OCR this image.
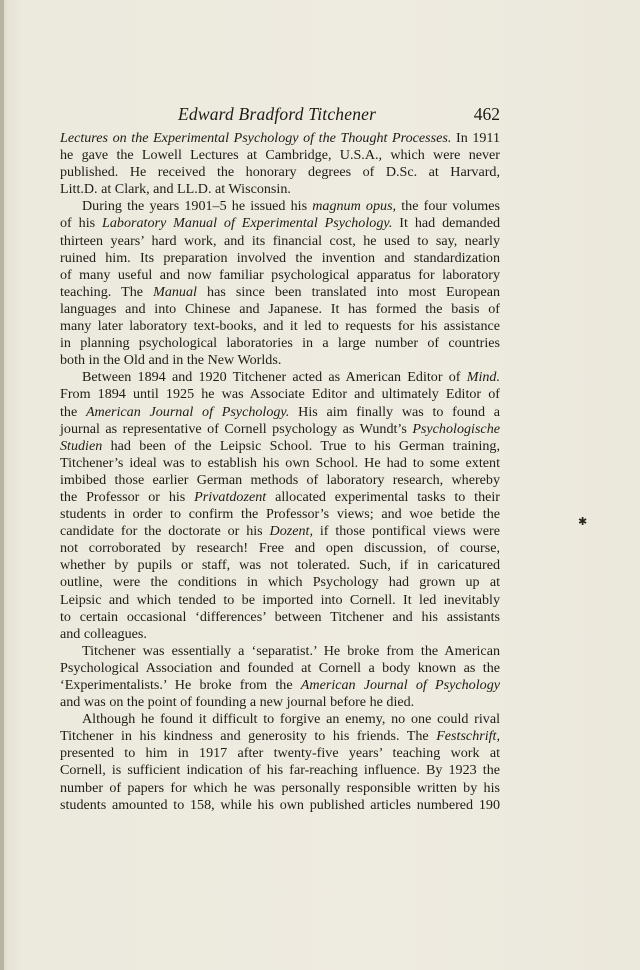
Edward Bradford Titchener	462
Lectures on the Experimental Psychology of the Thought Processes. In 1911
he gave the Lowell Lectures at Cambridge, U.S.A., which were never
published. He received the honorary degrees of D.Sc. at Harvard,
Litt.D. at Clark, and LL.D. at Wisconsin.
During the years 1901–5 he issued his magnum opus, the four volumes
of his Laboratory Manual of Experimental Psychology. It had demanded
thirteen years’ hard work, and its financial cost, he used to say, nearly
ruined him. Its preparation involved the invention and standardization
of many useful and now familiar psychological apparatus for laboratory
teaching. The Manual has since been translated into most European
languages and into Chinese and Japanese. It has formed the basis of
many later laboratory text-books, and it led to requests for his assistance
in planning psychological laboratories in a large number of countries
both in the Old and in the New Worlds.
Between 1894 and 1920 Titchener acted as American Editor of Mind.
From 1894 until 1925 he was Associate Editor and ultimately Editor of
the American Journal of Psychology. His aim finally was to found a
journal as representative of Cornell psychology as Wundt’s Psychologische
Studien had been of the Leipsic School. True to his German training,
Titchener’s ideal was to establish his own School. He had to some extent
imbibed those earlier German methods of laboratory research, whereby
the Professor or his Privatdozent allocated experimental tasks to their
students in order to confirm the Professor’s views; and woe betide the
candidate for the doctorate or his Dozent, if those pontifical views were
not corroborated by research! Free and open discussion, of course,
whether by pupils or staff, was not tolerated. Such, if in caricatured
outline, were the conditions in which Psychology had grown up at
Leipsic and which tended to be imported into Cornell. It led inevitably
to certain occasional ‘differences’ between Titchener and his assistants
and colleagues.
Titchener was essentially a ‘separatist.’ He broke from the American
Psychological Association and founded at Cornell a body known as the
‘Experimentalists.’ He broke from the American Journal of Psychology
and was on the point of founding a new journal before he died.
Although he found it difficult to forgive an enemy, no one could rival
Titchener in his kindness and generosity to his friends. The Festschrift,
presented to him in 1917 after twenty-five years’ teaching work at
Cornell, is sufficient indication of his far-reaching influence. By 1923 the
number of papers for which he was personally responsible written by his
students amounted to 158, while his own published articles numbered 190
✱
